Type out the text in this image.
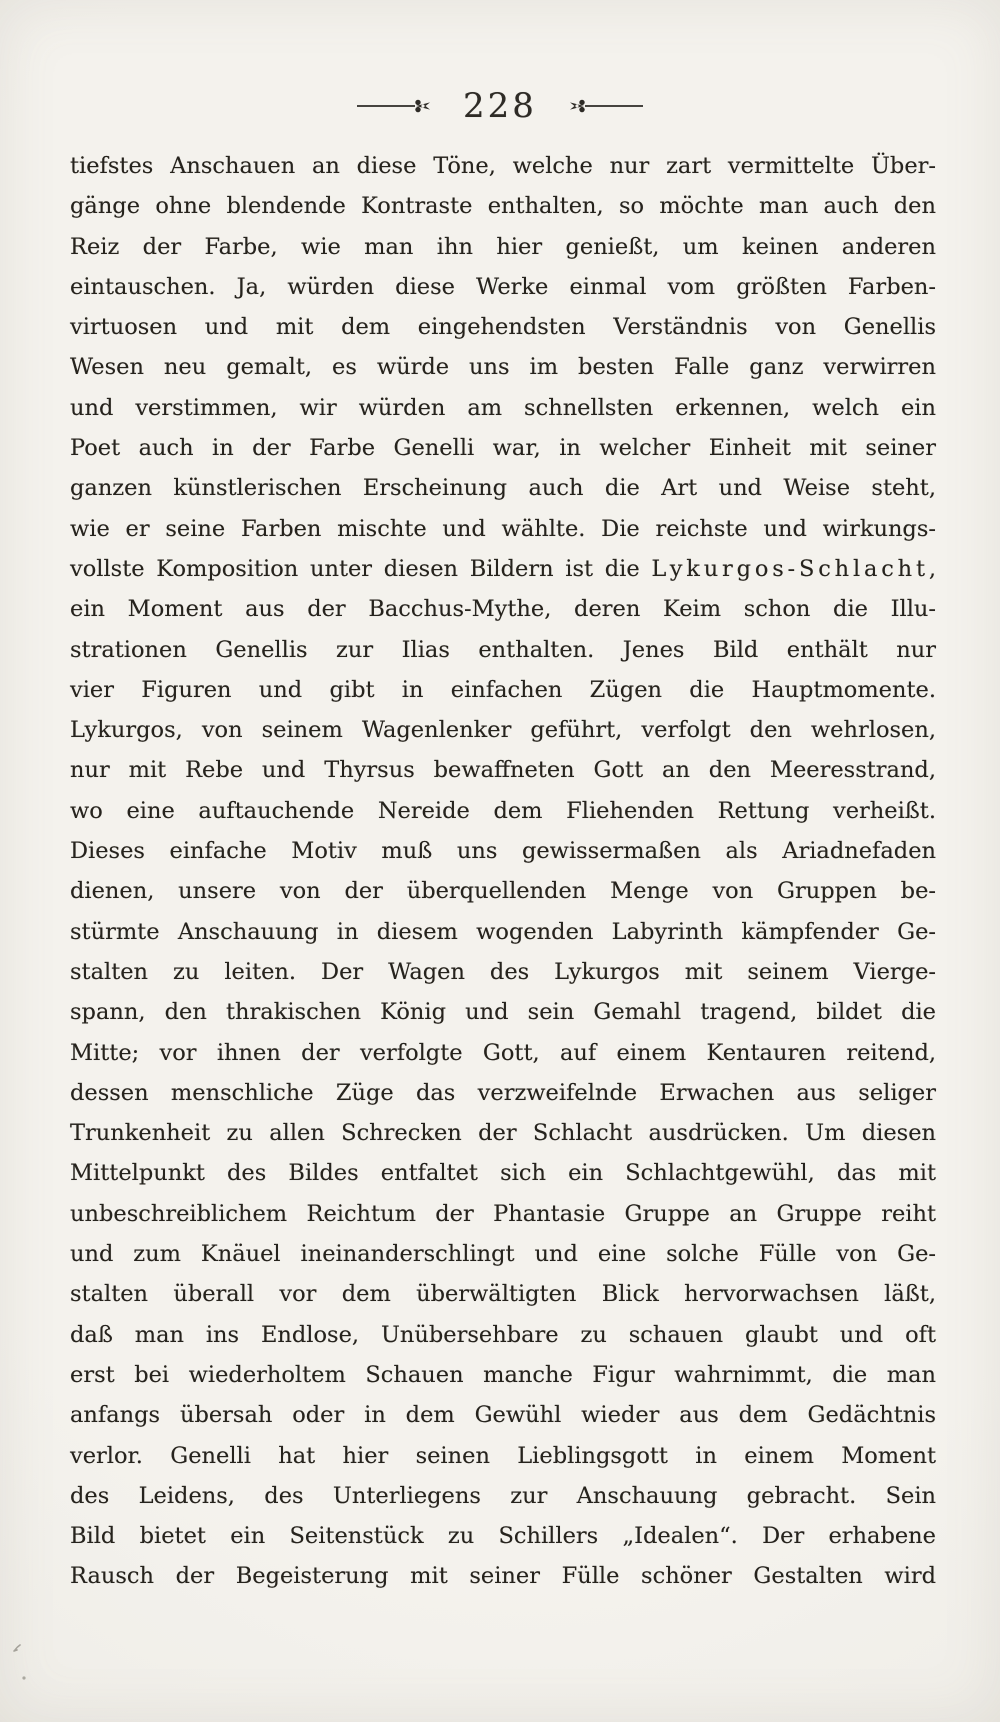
228
tiefstes Anschauen an diese Töne, welche nur zart vermittelte Über-
gänge ohne blendende Kontraste enthalten, so möchte man auch den
Reiz der Farbe, wie man ihn hier genießt, um keinen anderen
eintauschen. Ja, würden diese Werke einmal vom größten Farben-
virtuosen und mit dem eingehendsten Verständnis von Genellis
Wesen neu gemalt, es würde uns im besten Falle ganz verwirren
und verstimmen, wir würden am schnellsten erkennen, welch ein
Poet auch in der Farbe Genelli war, in welcher Einheit mit seiner
ganzen künstlerischen Erscheinung auch die Art und Weise steht,
wie er seine Farben mischte und wählte. Die reichste und wirkungs-
vollste Komposition unter diesen Bildern ist die Lykurgos-Schlacht,
ein Moment aus der Bacchus-Mythe, deren Keim schon die Illu-
strationen Genellis zur Ilias enthalten. Jenes Bild enthält nur
vier Figuren und gibt in einfachen Zügen die Hauptmomente.
Lykurgos, von seinem Wagenlenker geführt, verfolgt den wehrlosen,
nur mit Rebe und Thyrsus bewaffneten Gott an den Meeresstrand,
wo eine auftauchende Nereide dem Fliehenden Rettung verheißt.
Dieses einfache Motiv muß uns gewissermaßen als Ariadnefaden
dienen, unsere von der überquellenden Menge von Gruppen be-
stürmte Anschauung in diesem wogenden Labyrinth kämpfender Ge-
stalten zu leiten. Der Wagen des Lykurgos mit seinem Vierge-
spann, den thrakischen König und sein Gemahl tragend, bildet die
Mitte; vor ihnen der verfolgte Gott, auf einem Kentauren reitend,
dessen menschliche Züge das verzweifelnde Erwachen aus seliger
Trunkenheit zu allen Schrecken der Schlacht ausdrücken. Um diesen
Mittelpunkt des Bildes entfaltet sich ein Schlachtgewühl, das mit
unbeschreiblichem Reichtum der Phantasie Gruppe an Gruppe reiht
und zum Knäuel ineinanderschlingt und eine solche Fülle von Ge-
stalten überall vor dem überwältigten Blick hervorwachsen läßt,
daß man ins Endlose, Unübersehbare zu schauen glaubt und oft
erst bei wiederholtem Schauen manche Figur wahrnimmt, die man
anfangs übersah oder in dem Gewühl wieder aus dem Gedächtnis
verlor. Genelli hat hier seinen Lieblingsgott in einem Moment
des Leidens, des Unterliegens zur Anschauung gebracht. Sein
Bild bietet ein Seitenstück zu Schillers „Idealen“. Der erhabene
Rausch der Begeisterung mit seiner Fülle schöner Gestalten wird
